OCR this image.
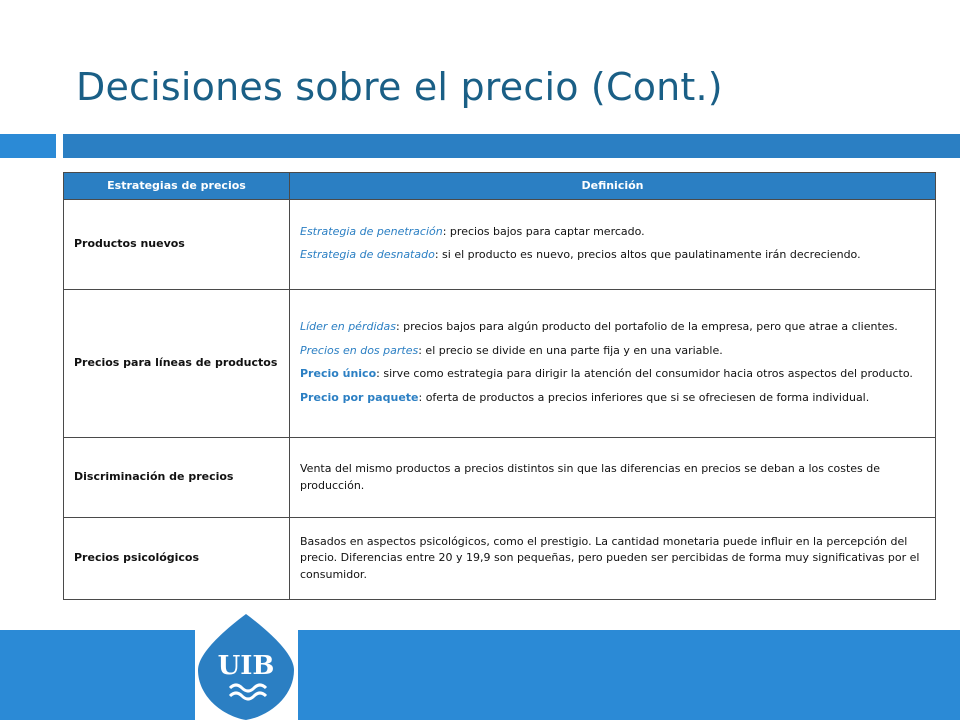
Decisiones sobre el precio (Cont.)
Estrategias de precios	Definición
Productos nuevos	Estrategia de penetración: precios bajos para captar mercado.

Estrategia de desnatado: si el producto es nuevo, precios altos que paulatinamente irán decreciendo.

Precios para líneas de productos	Líder en pérdidas: precios bajos para algún producto del portafolio de la empresa, pero que atrae a clientes.

Precios en dos partes: el precio se divide en una parte fija y en una variable.

Precio único: sirve como estrategia para dirigir la atención del consumidor hacia otros aspectos del producto.

Precio por paquete: oferta de productos a precios inferiores que si se ofreciesen de forma individual.

Discriminación de precios	Venta del mismo productos a precios distintos sin que las diferencias en precios se deban a los costes de producción.
Precios psicológicos	Basados en aspectos psicológicos, como el prestigio. La cantidad monetaria puede influir en la percepción del precio. Diferencias entre 20 y 19,9 son pequeñas, pero pueden ser percibidas de forma muy significativas por el consumidor.
UIB
